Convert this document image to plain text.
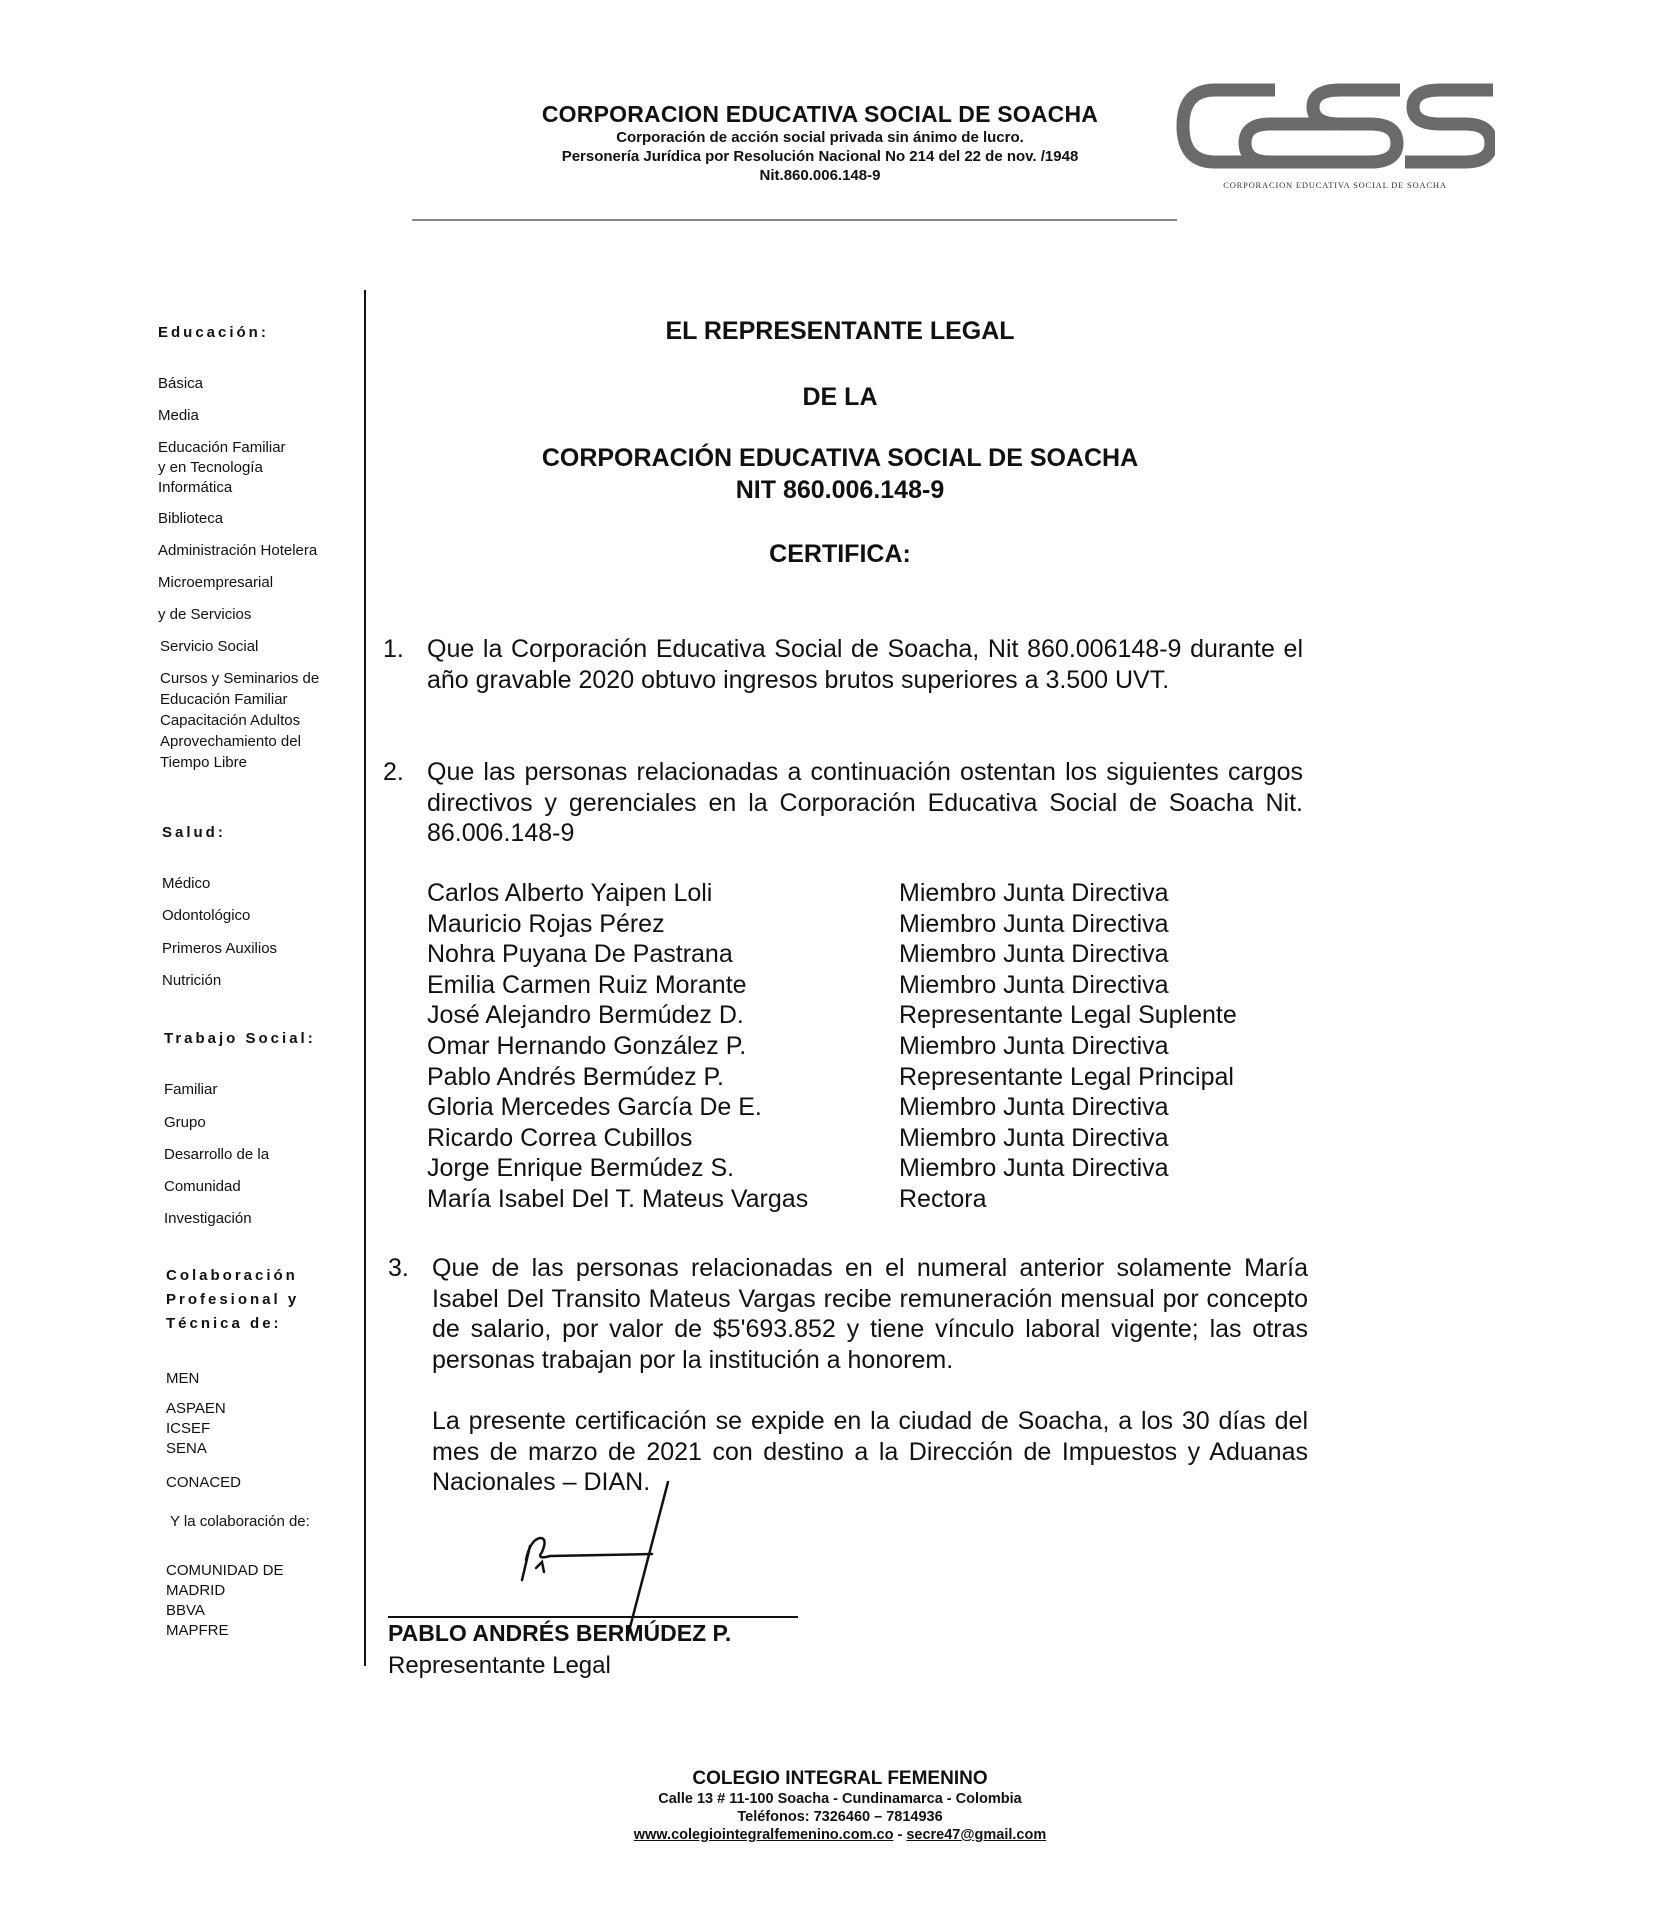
CORPORACION EDUCATIVA SOCIAL DE SOACHA
Corporación de acción social privada sin ánimo de lucro.
Personería Jurídica por Resolución Nacional No 214 del 22 de nov. /1948
Nit.860.006.148-9
CORPORACION EDUCATIVA SOCIAL DE SOACHA
Educación:
Básica
Media
Educación Familiar
y en Tecnología
Informática
Biblioteca
Administración Hotelera
Microempresarial
y de Servicios
Servicio Social
Cursos y Seminarios de
Educación Familiar
Capacitación Adultos
Aprovechamiento del
Tiempo Libre
Salud:
Médico
Odontológico
Primeros Auxilios
Nutrición
Trabajo Social:
Familiar
Grupo
Desarrollo de la
Comunidad
Investigación
Colaboración
Profesional y
Técnica de:
MEN
ASPAEN
ICSEF
SENA
CONACED
Y la colaboración de:
COMUNIDAD DE
MADRID
BBVA
MAPFRE
EL REPRESENTANTE LEGAL
DE LA
CORPORACIÓN EDUCATIVA SOCIAL DE SOACHA
NIT 860.006.148-9
CERTIFICA:
1. Que la Corporación Educativa Social de Soacha, Nit 860.006148-9 durante el año gravable 2020 obtuvo ingresos brutos superiores a 3.500 UVT.
2. Que las personas relacionadas a continuación ostentan los siguientes cargos directivos y gerenciales en la Corporación Educativa Social de Soacha Nit. 86.006.148-9
Carlos Alberto Yaipen Loli	Miembro Junta Directiva
Mauricio Rojas Pérez	Miembro Junta Directiva
Nohra Puyana De Pastrana	Miembro Junta Directiva
Emilia Carmen Ruiz Morante	Miembro Junta Directiva
José Alejandro Bermúdez D.	Representante Legal Suplente
Omar Hernando González P.	Miembro Junta Directiva
Pablo Andrés Bermúdez P.	Representante Legal Principal
Gloria Mercedes García De E.	Miembro Junta Directiva
Ricardo Correa Cubillos	Miembro Junta Directiva
Jorge Enrique Bermúdez S.	Miembro Junta Directiva
María Isabel Del T. Mateus Vargas	Rectora
3. Que de las personas relacionadas en el numeral anterior solamente María Isabel Del Transito Mateus Vargas recibe remuneración mensual por concepto de salario, por valor de $5'693.852 y tiene vínculo laboral vigente; las otras personas trabajan por la institución a honorem.
La presente certificación se expide en la ciudad de Soacha, a los 30 días del mes de marzo de 2021 con destino a la Dirección de Impuestos y Aduanas Nacionales – DIAN.
PABLO ANDRÉS BERMÚDEZ P.
Representante Legal
COLEGIO INTEGRAL FEMENINO
Calle 13 # 11-100 Soacha - Cundinamarca - Colombia
Teléfonos: 7326460 – 7814936
www.colegiointegralfemenino.com.co - secre47@gmail.com
